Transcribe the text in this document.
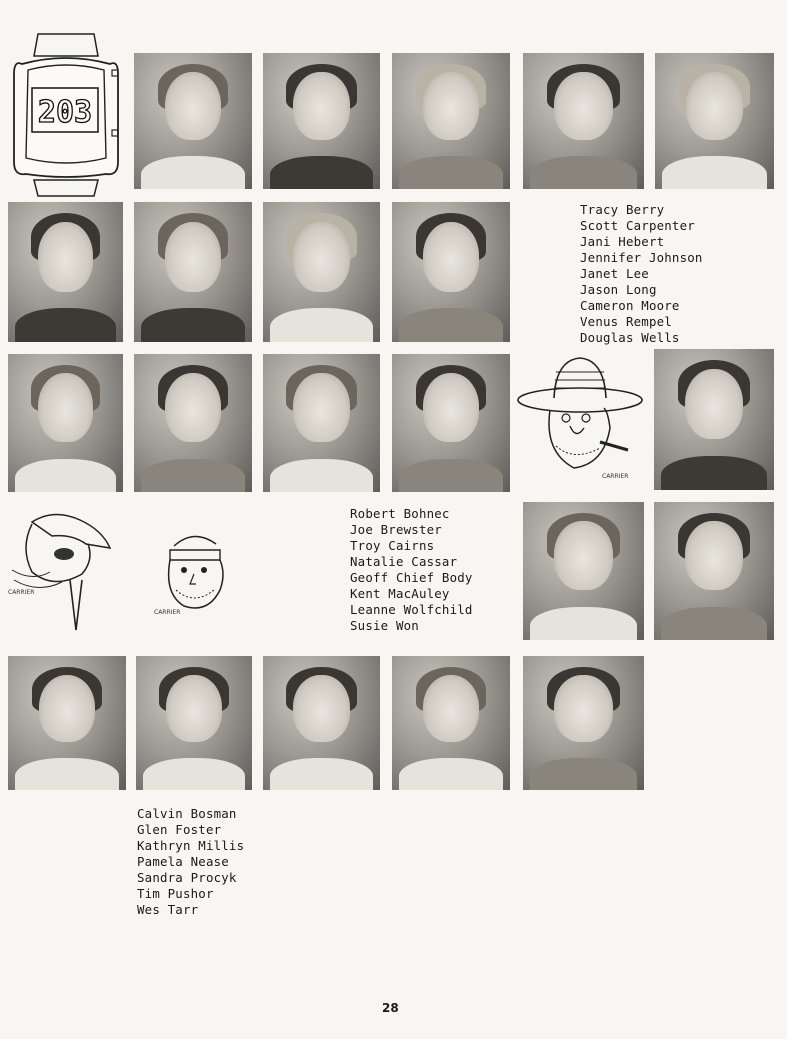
203
Tracy Berry
Scott Carpenter
Jani Hebert
Jennifer Johnson
Janet Lee
Jason Long
Cameron Moore
Venus Rempel
Douglas Wells
CARRIER
CARRIER
CARRIER
Robert Bohnec
Joe Brewster
Troy Cairns
Natalie Cassar
Geoff Chief Body
Kent MacAuley
Leanne Wolfchild
Susie Won
Calvin Bosman
Glen Foster
Kathryn Millis
Pamela Nease
Sandra Procyk
Tim Pushor
Wes Tarr
28
